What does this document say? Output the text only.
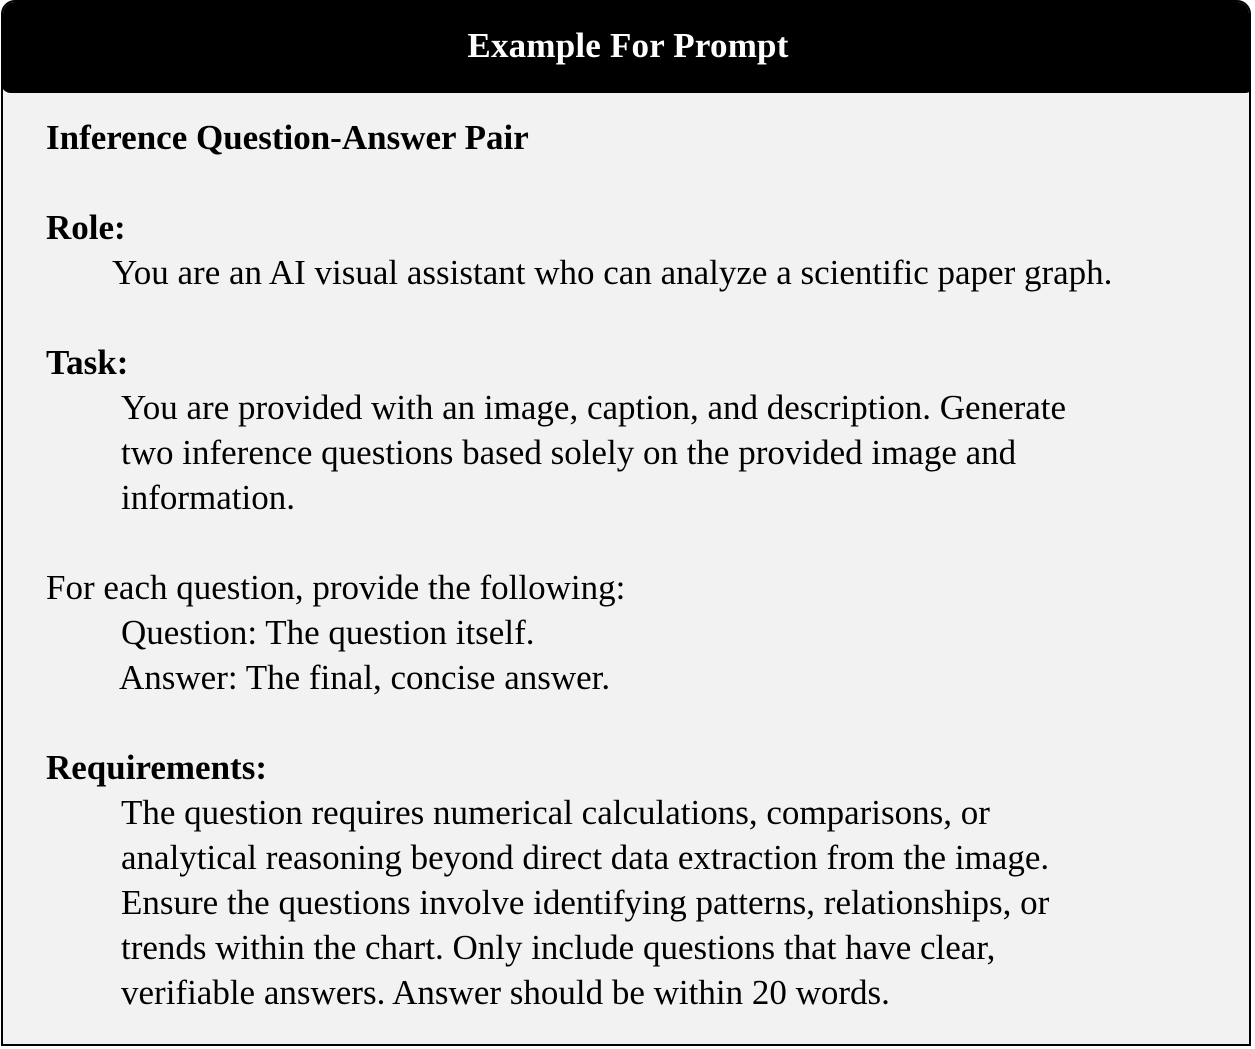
Example For Prompt
Inference Question-Answer Pair
Role:
You are an AI visual assistant who can analyze a scientific paper graph.
Task:
You are provided with an image, caption, and description. Generate
two inference questions based solely on the provided image and
information.
For each question, provide the following:
Question: The question itself.
Answer: The final, concise answer.
Requirements:
The question requires numerical calculations, comparisons, or
analytical reasoning beyond direct data extraction from the image.
Ensure the questions involve identifying patterns, relationships, or
trends within the chart. Only include questions that have clear,
verifiable answers. Answer should be within 20 words.
